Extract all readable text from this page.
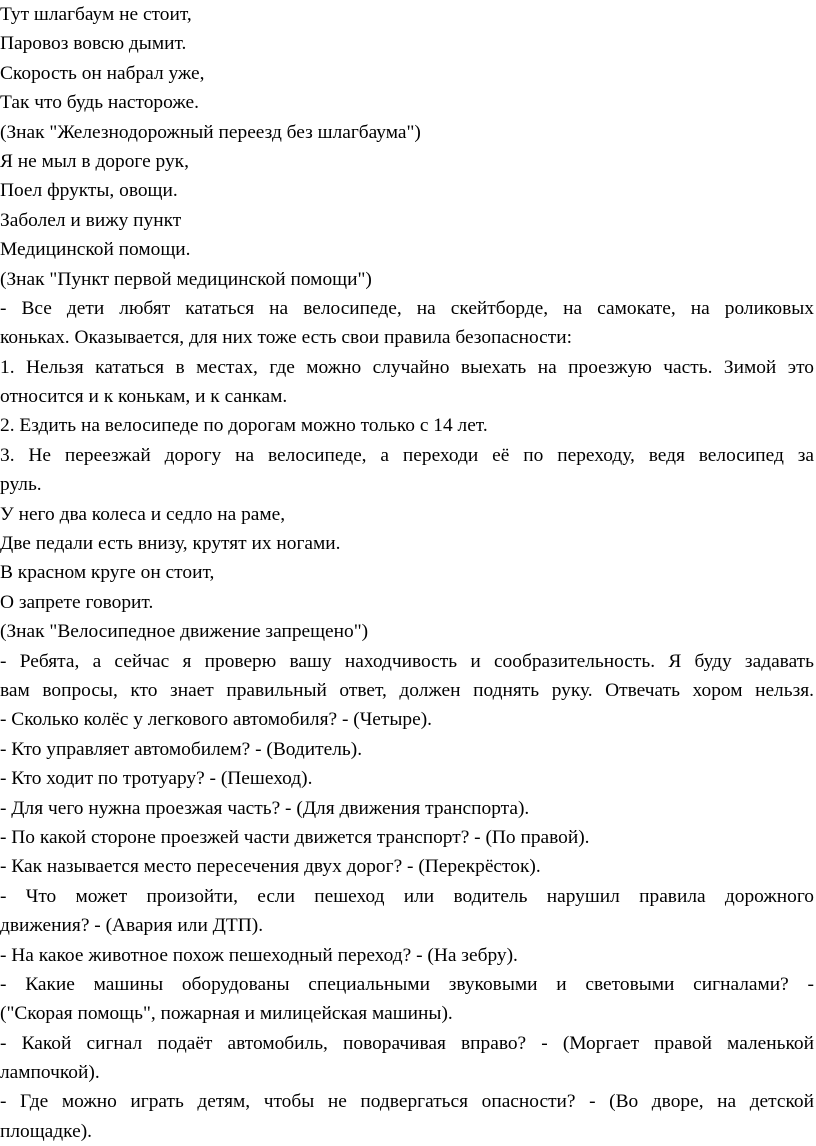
Тут шлагбаум не стоит,
Паровоз вовсю дымит.
Скорость он набрал уже,
Так что будь настороже.
(Знак "Железнодорожный переезд без шлагбаума")
Я не мыл в дороге рук,
Поел фрукты, овощи.
Заболел и вижу пункт
Медицинской помощи.
(Знак "Пункт первой медицинской помощи")
- Все дети любят кататься на велосипеде, на скейтборде, на самокате, на роликовых
коньках. Оказывается, для них тоже есть свои правила безопасности:
1. Нельзя кататься в местах, где можно случайно выехать на проезжую часть. Зимой это
относится и к конькам, и к санкам.
2. Ездить на велосипеде по дорогам можно только с 14 лет.
3. Не переезжай дорогу на велосипеде, а переходи её по переходу, ведя велосипед за
руль.
У него два колеса и седло на раме,
Две педали есть внизу, крутят их ногами.
В красном круге он стоит,
О запрете говорит.
(Знак "Велосипедное движение запрещено")
- Ребята, а сейчас я проверю вашу находчивость и сообразительность. Я буду задавать
вам вопросы, кто знает правильный ответ, должен поднять руку. Отвечать хором нельзя.
- Сколько колёс у легкового автомобиля? - (Четыре).
- Кто управляет автомобилем? - (Водитель).
- Кто ходит по тротуару? - (Пешеход).
- Для чего нужна проезжая часть? - (Для движения транспорта).
- По какой стороне проезжей части движется транспорт? - (По правой).
- Как называется место пересечения двух дорог? - (Перекрёсток).
- Что может произойти, если пешеход или водитель нарушил правила дорожного
движения? - (Авария или ДТП).
- На какое животное похож пешеходный переход? - (На зебру).
- Какие машины оборудованы специальными звуковыми и световыми сигналами? -
("Скорая помощь", пожарная и милицейская машины).
- Какой сигнал подаёт автомобиль, поворачивая вправо? - (Моргает правой маленькой
лампочкой).
- Где можно играть детям, чтобы не подвергаться опасности? - (Во дворе, на детской
площадке).
